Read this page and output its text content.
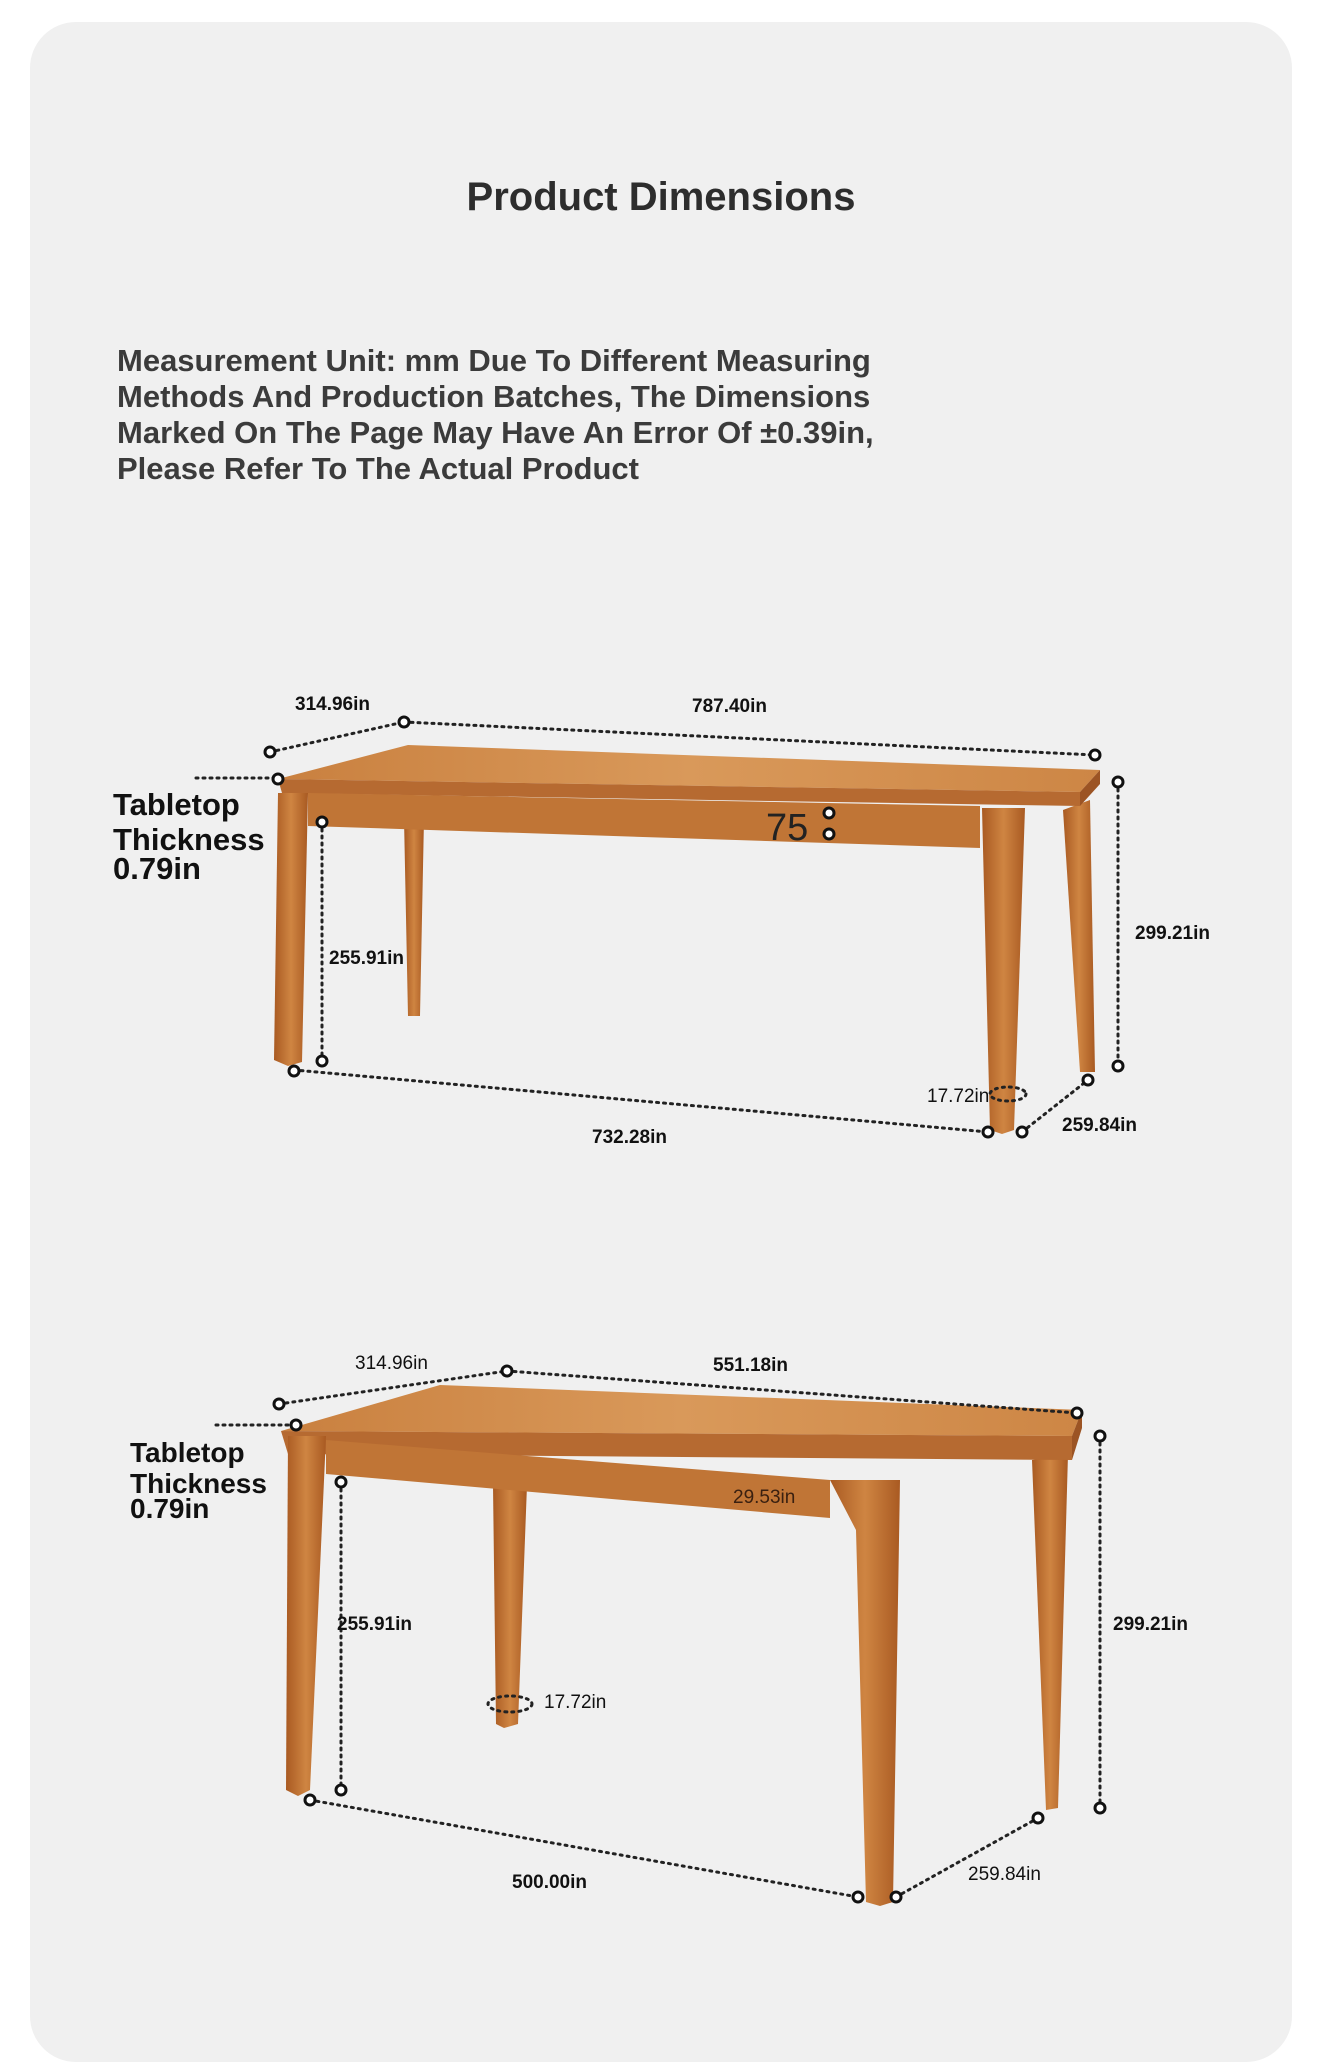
Product Dimensions
Measurement Unit: mm Due To Different Measuring Methods And Production Batches, The Dimensions Marked On The Page May Have An Error Of ±0.39in, Please Refer To The Actual Product
314.96in	787.40in
Tabletop
Thickness
0.79in
75
255.91in
299.21in
17.72in
732.28in
259.84in
314.96in	551.18in
Tabletop
Thickness
0.79in	29.53in
255.91in	299.21in
17.72in
500.00in	259.84in
